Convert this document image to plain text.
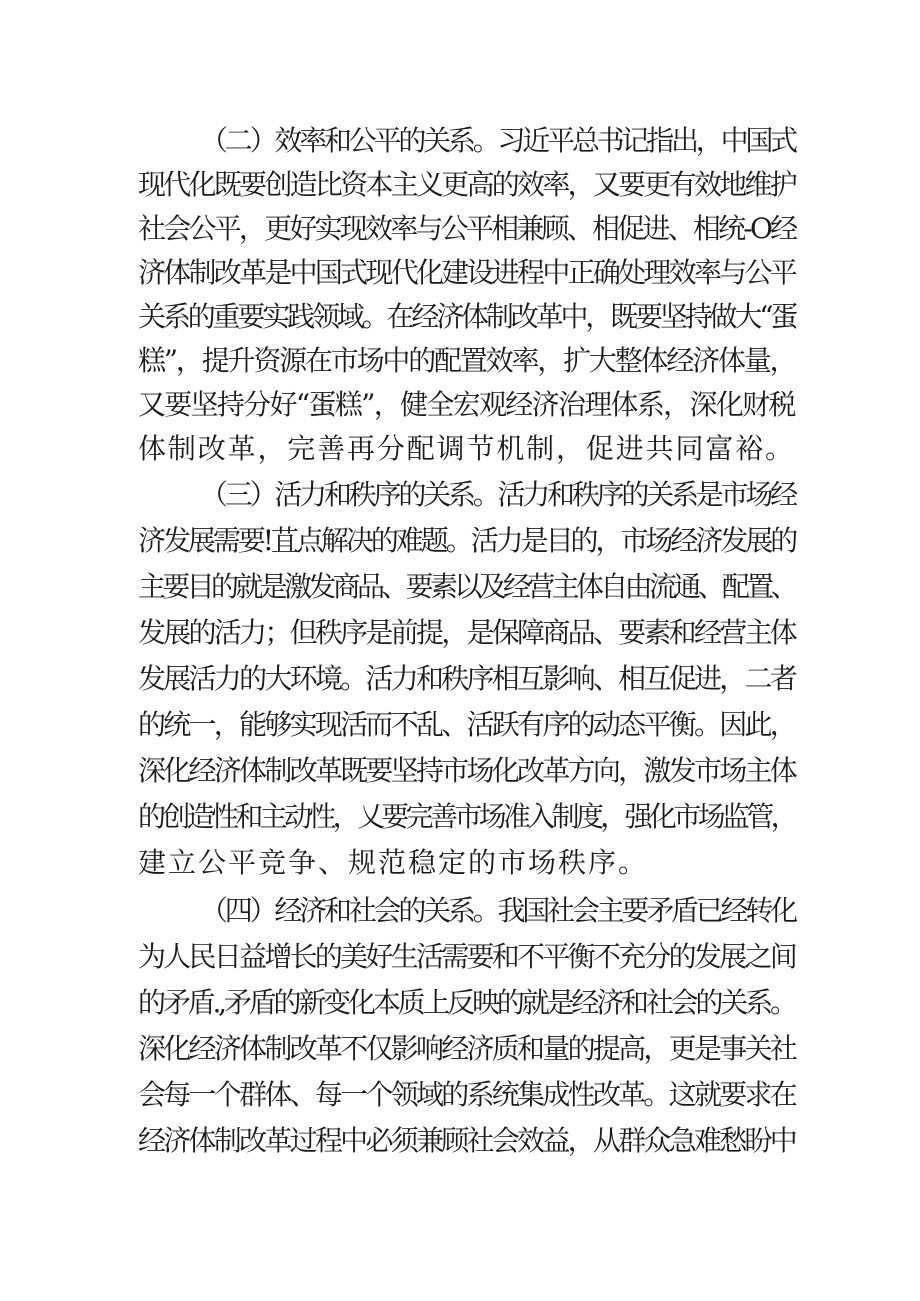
（二）效率和公平的关系。习近平总书记指出，中国式
现代化既要创造比资本主义更高的效率，又要更有效地维护
社会公平，更好实现效率与公平相兼顾、相促进、相统-O经
济体制改革是中国式现代化建设进程中正确处理效率与公平
关系的重要实践领域。在经济体制改革中，既要坚持做大“蛋
糕”，提升资源在市场中的配置效率，扩大整体经济体量，
又要坚持分好“蛋糕”，健全宏观经济治理体系，深化财税
体制改革，完善再分配调节机制，促进共同富裕。
（三）活力和秩序的关系。活力和秩序的关系是市场经
济发展需要!苴点解决的难题。活力是目的，市场经济发展的
主要目的就是激发商品、要素以及经营主体自由流通、配置、
发展的活力；但秩序是前提，是保障商品、要素和经营主体
发展活力的大环境。活力和秩序相互影响、相互促进，二者
的统一，能够实现活而不乱、活跃有序的动态平衡。因此，
深化经济体制改革既要坚持市场化改革方向，激发市场主体
的创造性和主动性，乂要完善市场准入制度，强化市场监管，
建立公平竞争、规范稳定的市场秩序。
（四）经济和社会的关系。我国社会主要矛盾已经转化
为人民日益增长的美好生活需要和不平衡不充分的发展之间
的矛盾.,矛盾的新变化本质上反映的就是经济和社会的关系。
深化经济体制改革不仅影响经济质和量的提高，更是事关社
会每一个群体、每一个领域的系统集成性改革。这就要求在
经济体制改革过程中必须兼顾社会效益，从群众急难愁盼中
